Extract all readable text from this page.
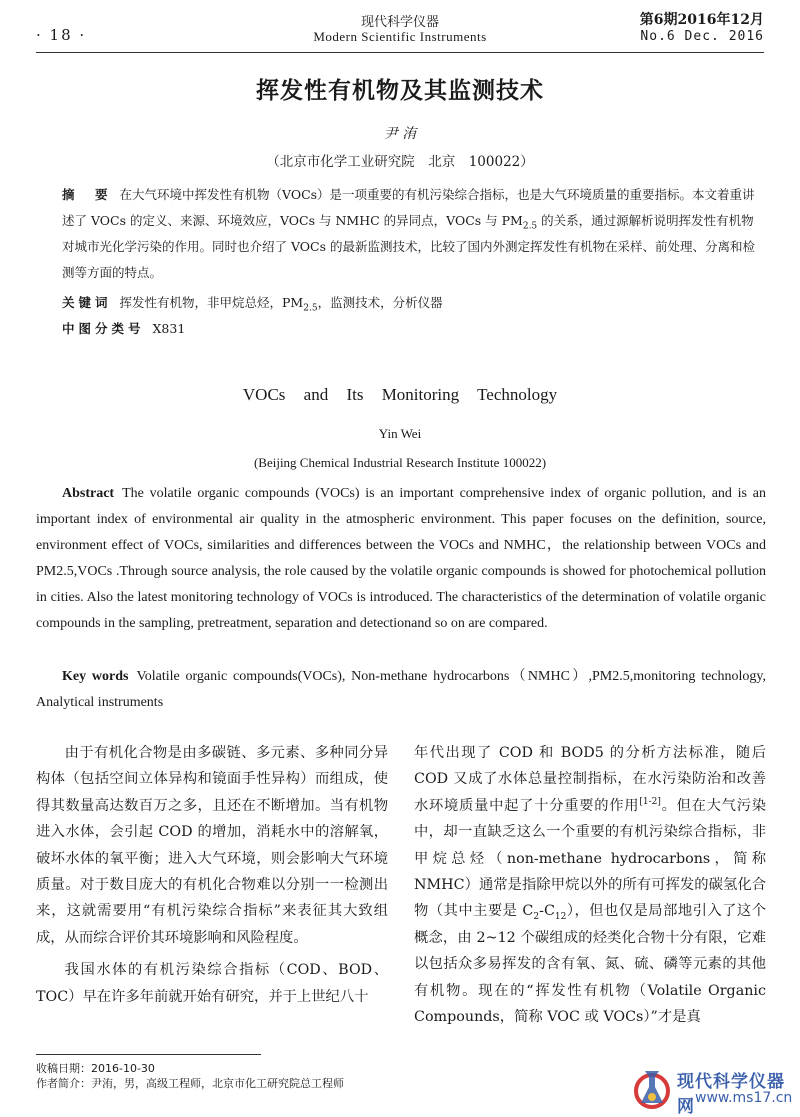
· 18 ·
现代科学仪器
Modern Scientific Instruments
第6期2016年12月
No.6 Dec. 2016
挥发性有机物及其监测技术
尹 洧
（北京市化学工业研究院　北京　100022）
摘　要 在大气环境中挥发性有机物（VOCs）是一项重要的有机污染综合指标，也是大气环境质量的重要指标。本文着重讲述了 VOCs 的定义、来源、环境效应，VOCs 与 NMHC 的异同点，VOCs 与 $PM_{2.5}$ 的关系，通过源解析说明挥发性有机物对城市光化学污染的作用。同时也介绍了 VOCs 的最新监测技术，比较了国内外测定挥发性有机物在采样、前处理、分离和检测等方面的特点。
关键词 挥发性有机物，非甲烷总烃，$PM_{2.5}$，监测技术，分析仪器
中图分类号 X831
VOCs and Its Monitoring Technology
Yin Wei
(Beijing Chemical Industrial Research Institute 100022)
Abstract The volatile organic compounds (VOCs) is an important comprehensive index of organic pollution, and is an important index of environmental air quality in the atmospheric environment. This paper focuses on the definition, source, environment effect of VOCs, similarities and differences between the VOCs and NMHC，the relationship between VOCs and PM2.5,VOCs .Through source analysis, the role caused by the volatile organic compounds is showed for photochemical pollution in cities. Also the latest monitoring technology of VOCs is introduced. The characteristics of the determination of volatile organic compounds in the sampling, pretreatment, separation and detectionand so on are compared.
Key words Volatile organic compounds(VOCs), Non-methane hydrocarbons（NMHC）,PM2.5,monitoring technology, Analytical instruments

由于有机化合物是由多碳链、多元素、多种同分异构体（包括空间立体异构和镜面手性异构）而组成，使得其数量高达数百万之多，且还在不断增加。当有机物进入水体，会引起 COD 的增加，消耗水中的溶解氧，破坏水体的氧平衡；进入大气环境，则会影响大气环境质量。对于数目庞大的有机化合物难以分别一一检测出来，这就需要用“有机污染综合指标”来表征其大致组成，从而综合评价其环境影响和风险程度。

我国水体的有机污染综合指标（COD、BOD、TOC）早在许多年前就开始有研究，并于上世纪八十

年代出现了 COD 和 BOD5 的分析方法标准，随后 COD 又成了水体总量控制指标，在水污染防治和改善水环境质量中起了十分重要的作用[1-2]。但在大气污染中，却一直缺乏这么一个重要的有机污染综合指标，非甲烷总烃（non-methane hydrocarbons，简称 NMHC）通常是指除甲烷以外的所有可挥发的碳氢化合物（其中主要是 $C_2-C_{12}$），但也仅是局部地引入了这个概念，由 2~12 个碳组成的烃类化合物十分有限，它难以包括众多易挥发的含有氧、氮、硫、磷等元素的其他有机物。现在的“挥发性有机物（Volatile Organic Compounds，简称 VOC 或 VOCs）”才是真
收稿日期：2016-10-30
作者简介：尹洧，男，高级工程师，北京市化工研究院总工程师	现代科学仪器网 www.ms17.cn
